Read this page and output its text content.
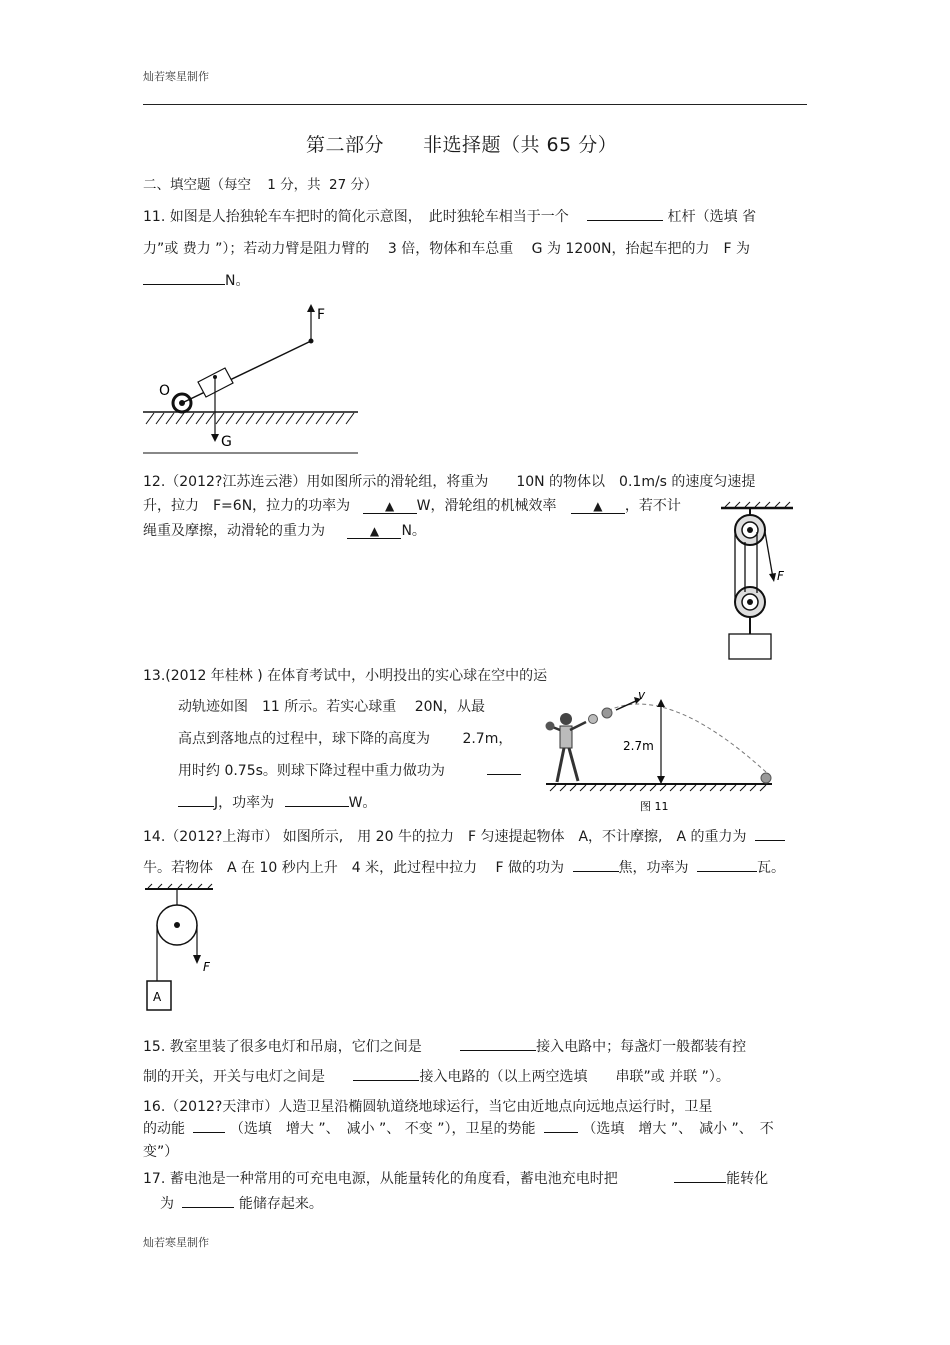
灿若寒星制作
第二部分　　非选择题（共 65 分）
二、填空题（每空 1 分，共 27 分）
11. 如图是人抬独轮车车把时的简化示意图，　此时独轮车相当于一个	杠杆（选填 省
力”或 费力 ”）；若动力臂是阻力臂的　 3 倍，物体和车总重　 G 为 1200N，抬起车把的力　F 为
N。
F
O
G
12.（2012?江苏连云港）用如图所示的滑轮组，将重为　　10N 的物体以　0.1m/s 的速度匀速提
升，拉力　F=6N，拉力的功率为	▲ W，滑轮组的机械效率	▲ ，若不计
绳重及摩擦，动滑轮的重力为	▲ N。
F
13.(2012 年桂林 ) 在体育考试中，小明投出的实心球在空中的运
动轨迹如图　11 所示。若实心球重　 20N，从最
高点到落地点的过程中，球下降的高度为　　 2.7m，
用时约 0.75s。则球下降过程中重力做功为
J，功率为	W。
v
2.7m
图 11
14.（2012?上海市） 如图所示,　用 20 牛的拉力　F 匀速提起物体　A，不计摩擦,　A 的重力为
牛。若物体　A 在 10 秒内上升　4 米，此过程中拉力　 F 做的功为	焦，功率为	瓦。
F
A
15. 教室里装了很多电灯和吊扇，它们之间是	接入电路中；每盏灯一般都装有控
制的开关，开关与电灯之间是	接入电路的（以上两空选填　　串联”或 并联 ”）。
16.（2012?天津市）人造卫星沿椭圆轨道绕地球运行，当它由近地点向远地点运行时，卫星
的动能	（选填　增大 ”、　减小 ”、 不变 ”），卫星的势能	（选填　增大 ”、　减小 ”、　不
变”）
17. 蓄电池是一种常用的可充电电源，从能量转化的角度看，蓄电池充电时把	能转化
为	能储存起来。
灿若寒星制作
